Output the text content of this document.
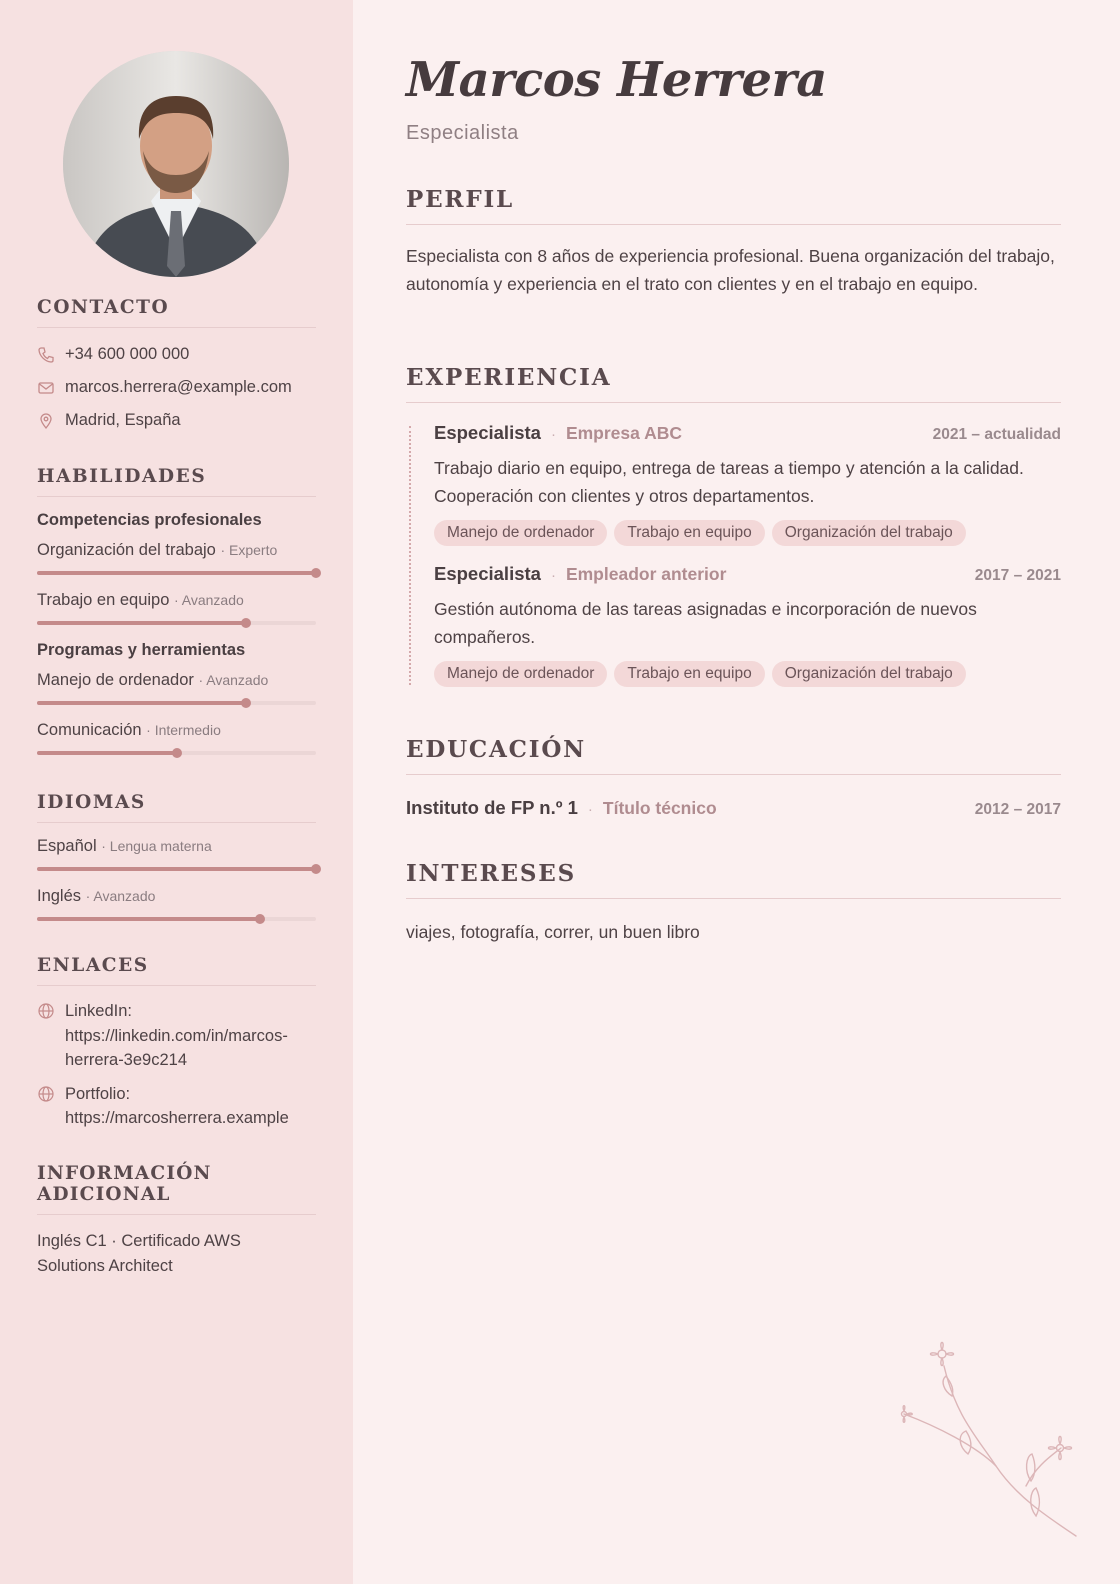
CONTACTO
+34 600 000 000
marcos.herrera@example.com
Madrid, España
HABILIDADES
Competencias profesionales
Organización del trabajo · Experto
Trabajo en equipo · Avanzado
Programas y herramientas
Manejo de ordenador · Avanzado
Comunicación · Intermedio
IDIOMAS
Español · Lengua materna
Inglés · Avanzado
ENLACES
LinkedIn:
https://linkedin.com/in/marcos-
herrera-3e9c214
Portfolio:
https://marcosherrera.example
INFORMACIÓN ADICIONAL
Inglés C1 · Certificado AWS Solutions Architect
Marcos Herrera
Especialista
PERFIL
Especialista con 8 años de experiencia profesional. Buena organización del trabajo, autonomía y experiencia en el trato con clientes y en el trabajo en equipo.
EXPERIENCIA
Especialista · Empresa ABC	2021 – actualidad
Trabajo diario en equipo, entrega de tareas a tiempo y atención a la calidad. Cooperación con clientes y otros departamentos.
Manejo de ordenador	Trabajo en equipo	Organización del trabajo
Especialista · Empleador anterior	2017 – 2021
Gestión autónoma de las tareas asignadas e incorporación de nuevos compañeros.
Manejo de ordenador	Trabajo en equipo	Organización del trabajo
EDUCACIÓN
Instituto de FP n.º 1 · Título técnico	2012 – 2017
INTERESES
viajes, fotografía, correr, un buen libro
